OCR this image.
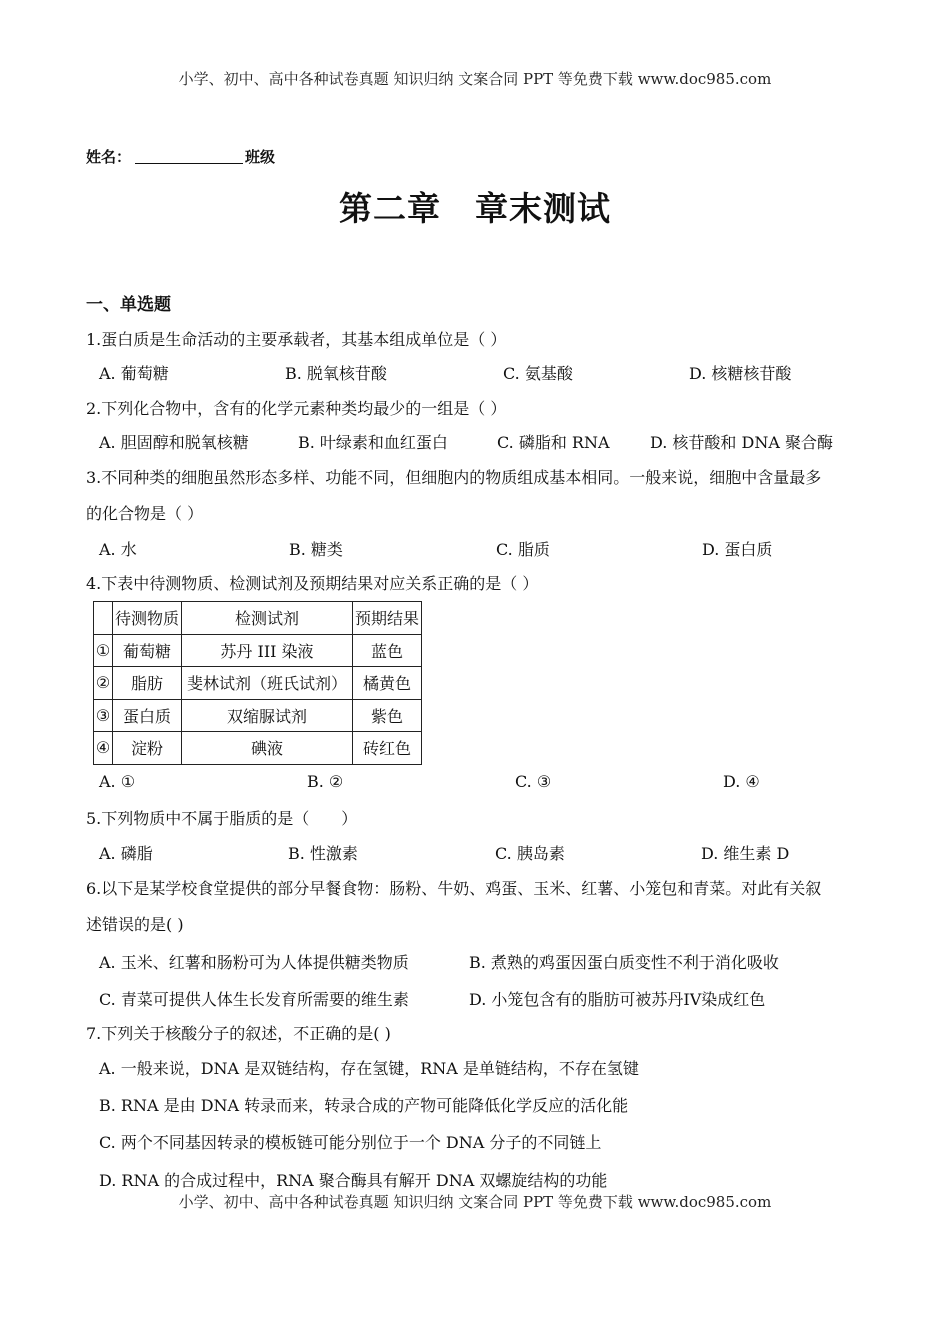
小学、初中、高中各种试卷真题 知识归纳 文案合同 PPT 等免费下载 www.doc985.com
姓名：	班级
第二章　章末测试
一、单选题
1.蛋白质是生命活动的主要承载者，其基本组成单位是（ ）
A. 葡萄糖	B. 脱氧核苷酸	C. 氨基酸	D. 核糖核苷酸
2.下列化合物中，含有的化学元素种类均最少的一组是（ ）
A. 胆固醇和脱氧核糖	B. 叶绿素和血红蛋白	C. 磷脂和 RNA	D. 核苷酸和 DNA 聚合酶
3.不同种类的细胞虽然形态多样、功能不同，但细胞内的物质组成基本相同。一般来说，细胞中含量最多
的化合物是（ ）
A. 水	B. 糖类	C. 脂质	D. 蛋白质
4.下表中待测物质、检测试剂及预期结果对应关系正确的是（ ）
	待测物质	检测试剂	预期结果
①	葡萄糖	苏丹 III 染液	蓝色
②	脂肪	斐林试剂（班氏试剂）	橘黄色
③	蛋白质	双缩脲试剂	紫色
④	淀粉	碘液	砖红色
A. ①	B. ②	C. ③	D. ④
5.下列物质中不属于脂质的是（　　）
A. 磷脂	B. 性激素	C. 胰岛素	D. 维生素 D
6.以下是某学校食堂提供的部分早餐食物：肠粉、牛奶、鸡蛋、玉米、红薯、小笼包和青菜。对此有关叙
述错误的是( )
A. 玉米、红薯和肠粉可为人体提供糖类物质	B. 煮熟的鸡蛋因蛋白质变性不利于消化吸收
C. 青菜可提供人体生长发育所需要的维生素	D. 小笼包含有的脂肪可被苏丹IV染成红色
7.下列关于核酸分子的叙述，不正确的是( )
A. 一般来说，DNA 是双链结构，存在氢键，RNA 是单链结构，不存在氢键
B. RNA 是由 DNA 转录而来，转录合成的产物可能降低化学反应的活化能
C. 两个不同基因转录的模板链可能分别位于一个 DNA 分子的不同链上
D. RNA 的合成过程中，RNA 聚合酶具有解开 DNA 双螺旋结构的功能
小学、初中、高中各种试卷真题 知识归纳 文案合同 PPT 等免费下载 www.doc985.com
